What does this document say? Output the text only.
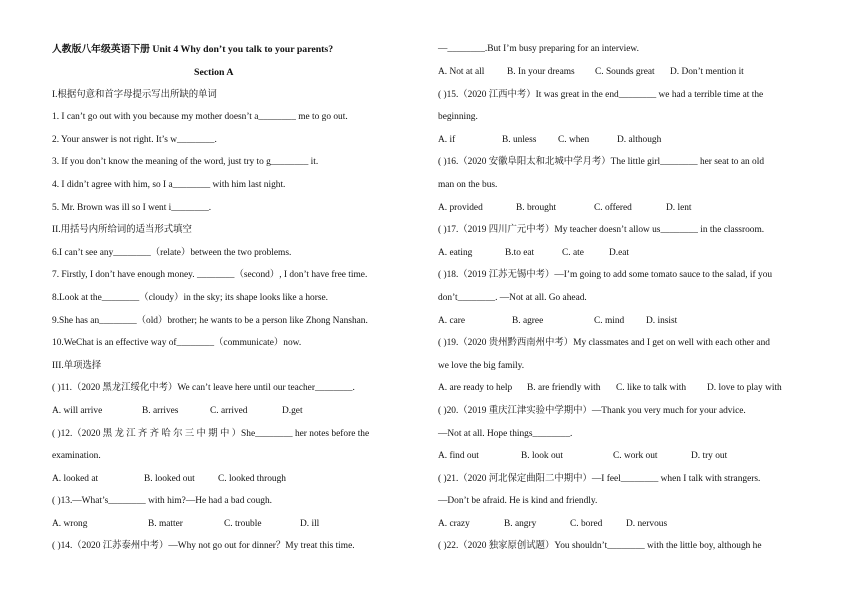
人教版八年级英语下册 Unit 4 Why don’t you talk to your parents?
Section A
I.根据句意和首字母提示写出所缺的单词
1. I can’t go out with you because my mother doesn’t a________ me to go out.
2. Your answer is not right. It’s w________.
3. If you don’t know the meaning of the word, just try to g________ it.
4. I didn’t agree with him, so I a________ with him last night.
5. Mr. Brown was ill so I went i________.
II.用括号内所给词的适当形式填空
6.I can’t see any________（relate）between the two problems.
7. Firstly, I don’t have enough money. ________（second）, I don’t have free time.
8.Look at the________（cloudy）in the sky; its shape looks like a horse.
9.She has an________（old）brother; he wants to be a person like Zhong Nanshan.
10.WeChat is an effective way of________（communicate）now.
III.单项选择
( )11.（2020 黑龙江绥化中考）We can’t leave here until our teacher________.
A. will arrive	B. arrives	C. arrived	D.get
( )12.（2020 黑 龙 江 齐 齐 哈 尔 三 中 期 中 ）She________ her notes before the
examination.
A. looked at	B. looked out C. looked through
( )13.—What’s________ with him?—He had a bad cough.
A. wrong	B. matter	C. trouble	D. ill
( )14.（2020 江苏泰州中考）—Why not go out for dinner？My treat this time.
—________.But I’m busy preparing for an interview.
A. Not at all B. In your dreams C. Sounds great D. Don’t mention it
( )15.（2020 江西中考）It was great in the end________ we had a terrible time at the
beginning.
A. if	B. unless C. when	D. although
( )16.（2020 安徽阜阳太和北城中学月考）The little girl________ her seat to an old
man on the bus.
A. provided	B. brought	C. offered	D. lent
( )17.（2019 四川广元中考）My teacher doesn’t allow us________ in the classroom.
A. eating	B.to eat	C. ate	D.eat
( )18.（2019 江苏无锡中考）—I’m going to add some tomato sauce to the salad, if you
don’t________. —Not at all. Go ahead.
A. care	B. agree	C. mind D. insist
( )19.（2020 贵州黔西南州中考）My classmates and I get on well with each other and
we love the big family.
A. are ready to help B. are friendly with C. like to talk with D. love to play with
( )20.（2019 重庆江津实验中学期中）—Thank you very much for your advice.
—Not at all. Hope things________.
A. find out	B. look out	C. work out	D. try out
( )21.（2020 河北保定曲阳二中期中）—I feel________ when I talk with strangers.
—Don’t be afraid. He is kind and friendly.
A. crazy	B. angry	C. bored	D. nervous
( )22.（2020 独家原创试题）You shouldn’t________ with the little boy, although he
